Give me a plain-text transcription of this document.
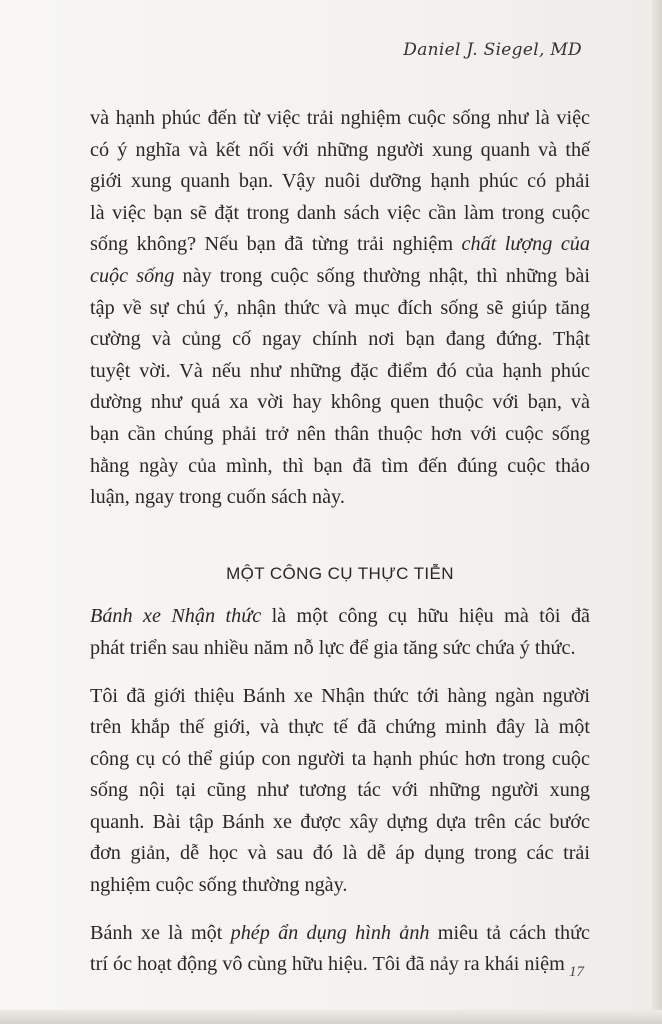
Daniel J. Siegel, MD
và hạnh phúc đến từ việc trải nghiệm cuộc sống như là việc
có ý nghĩa và kết nối với những người xung quanh và thế
giới xung quanh bạn. Vậy nuôi dưỡng hạnh phúc có phải
là việc bạn sẽ đặt trong danh sách việc cần làm trong cuộc
sống không? Nếu bạn đã từng trải nghiệm chất lượng của
cuộc sống này trong cuộc sống thường nhật, thì những bài
tập về sự chú ý, nhận thức và mục đích sống sẽ giúp tăng
cường và củng cố ngay chính nơi bạn đang đứng. Thật
tuyệt vời. Và nếu như những đặc điểm đó của hạnh phúc
dường như quá xa vời hay không quen thuộc với bạn, và
bạn cần chúng phải trở nên thân thuộc hơn với cuộc sống
hằng ngày của mình, thì bạn đã tìm đến đúng cuộc thảo
luận, ngay trong cuốn sách này.
MỘT CÔNG CỤ THỰC TIỄN
Bánh xe Nhận thức là một công cụ hữu hiệu mà tôi đã
phát triển sau nhiều năm nỗ lực để gia tăng sức chứa ý thức.
Tôi đã giới thiệu Bánh xe Nhận thức tới hàng ngàn người
trên khắp thế giới, và thực tế đã chứng minh đây là một
công cụ có thể giúp con người ta hạnh phúc hơn trong cuộc
sống nội tại cũng như tương tác với những người xung
quanh. Bài tập Bánh xe được xây dựng dựa trên các bước
đơn giản, dễ học và sau đó là dễ áp dụng trong các trải
nghiệm cuộc sống thường ngày.
Bánh xe là một phép ẩn dụng hình ảnh miêu tả cách thức
trí óc hoạt động vô cùng hữu hiệu. Tôi đã nảy ra khái niệm 17
